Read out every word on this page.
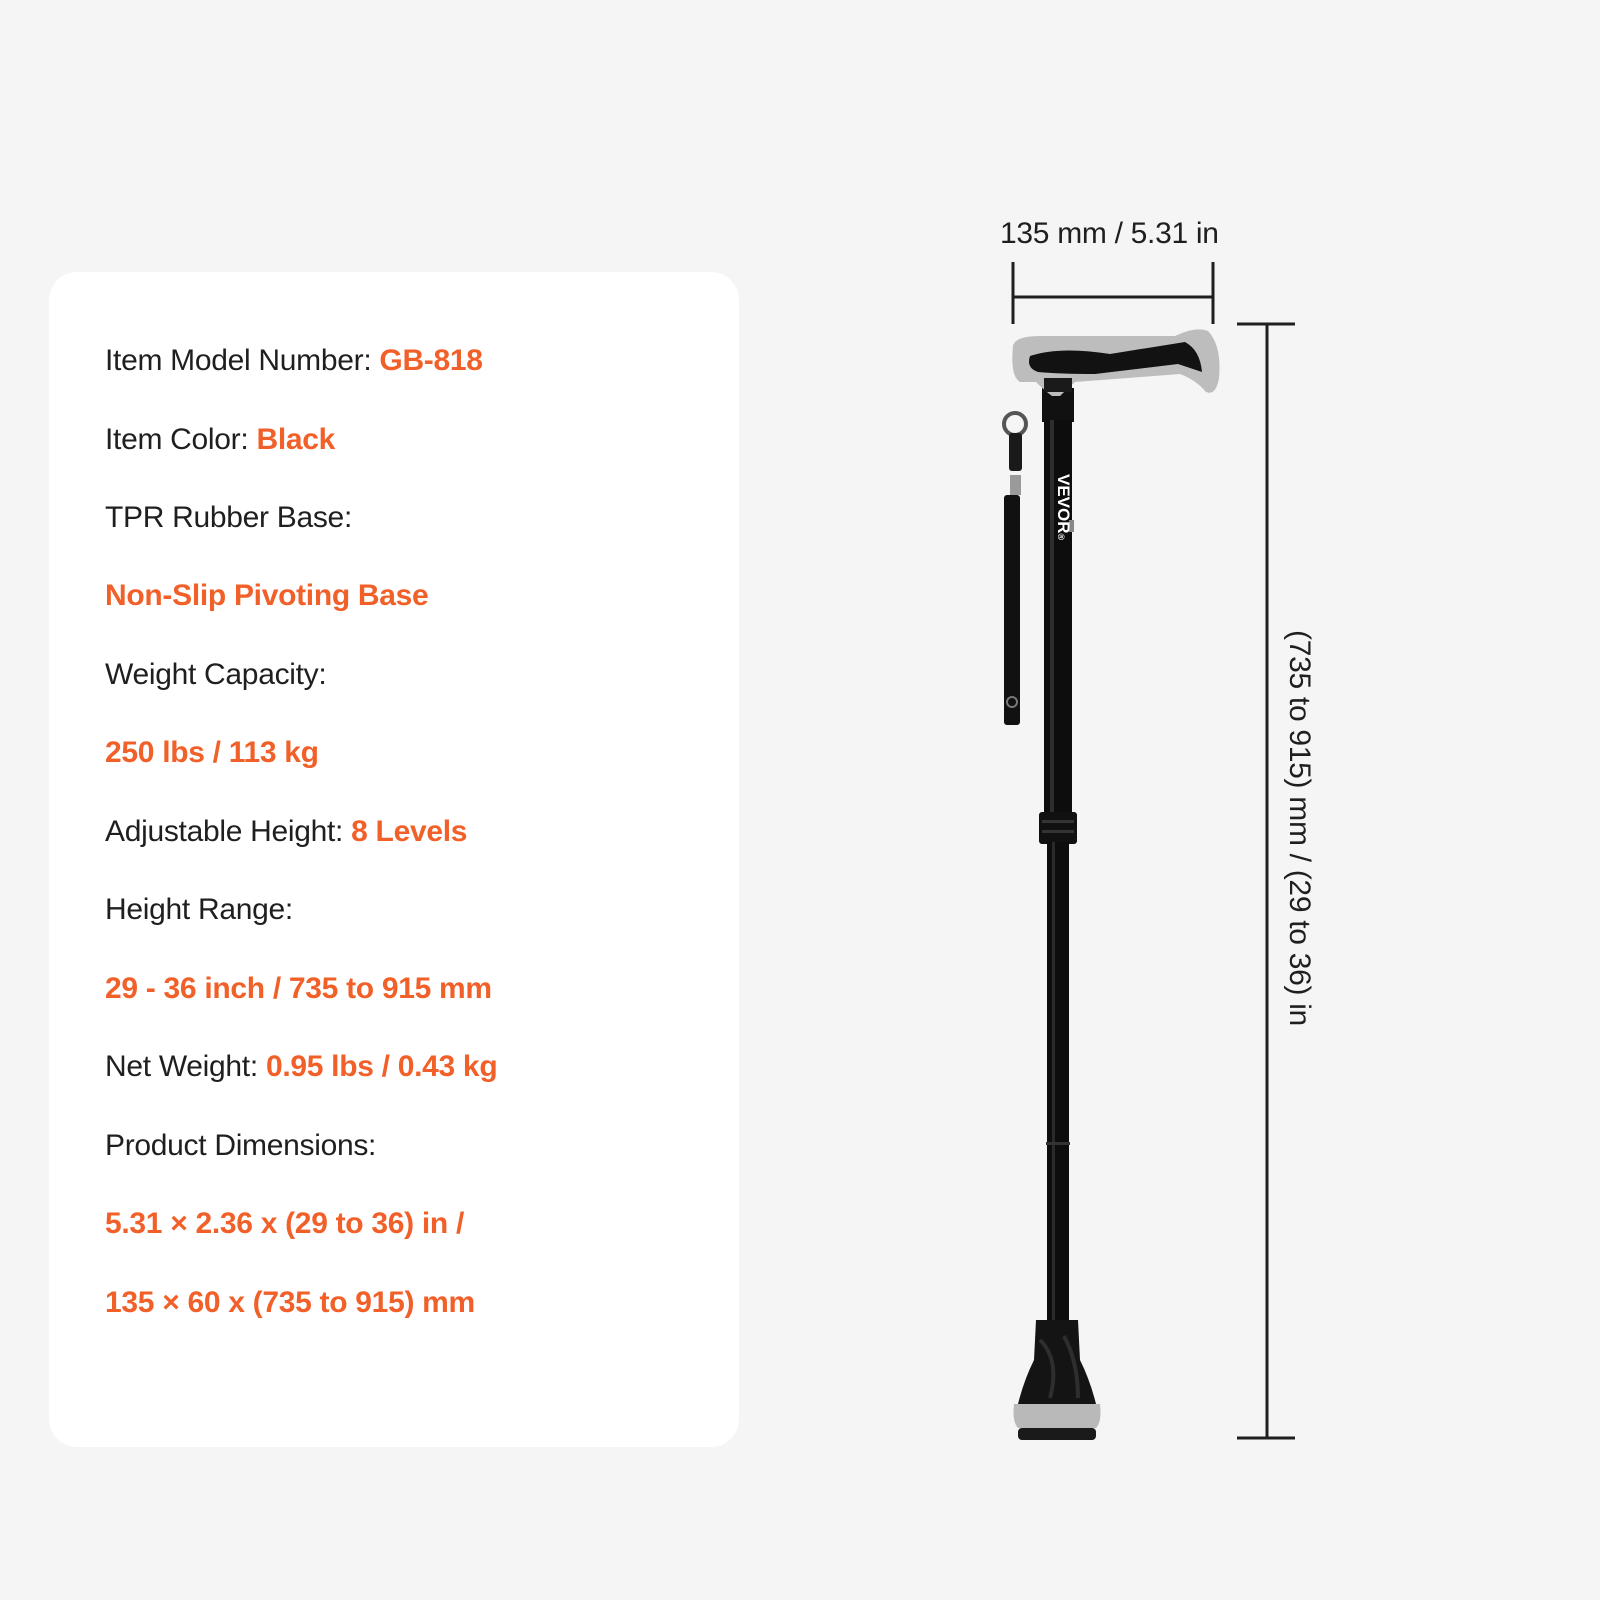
Item Model Number: GB-818
Item Color: Black
TPR Rubber Base:
Non-Slip Pivoting Base
Weight Capacity:
250 lbs / 113 kg
Adjustable Height: 8 Levels
Height Range:
29 - 36 inch / 735 to 915 mm
Net Weight: 0.95 lbs / 0.43 kg
Product Dimensions:
5.31 × 2.36 x (29 to 36) in /
135 × 60 x (735 to 915) mm
VEVOR®
135 mm / 5.31 in
(735 to 915) mm / (29 to 36) in
